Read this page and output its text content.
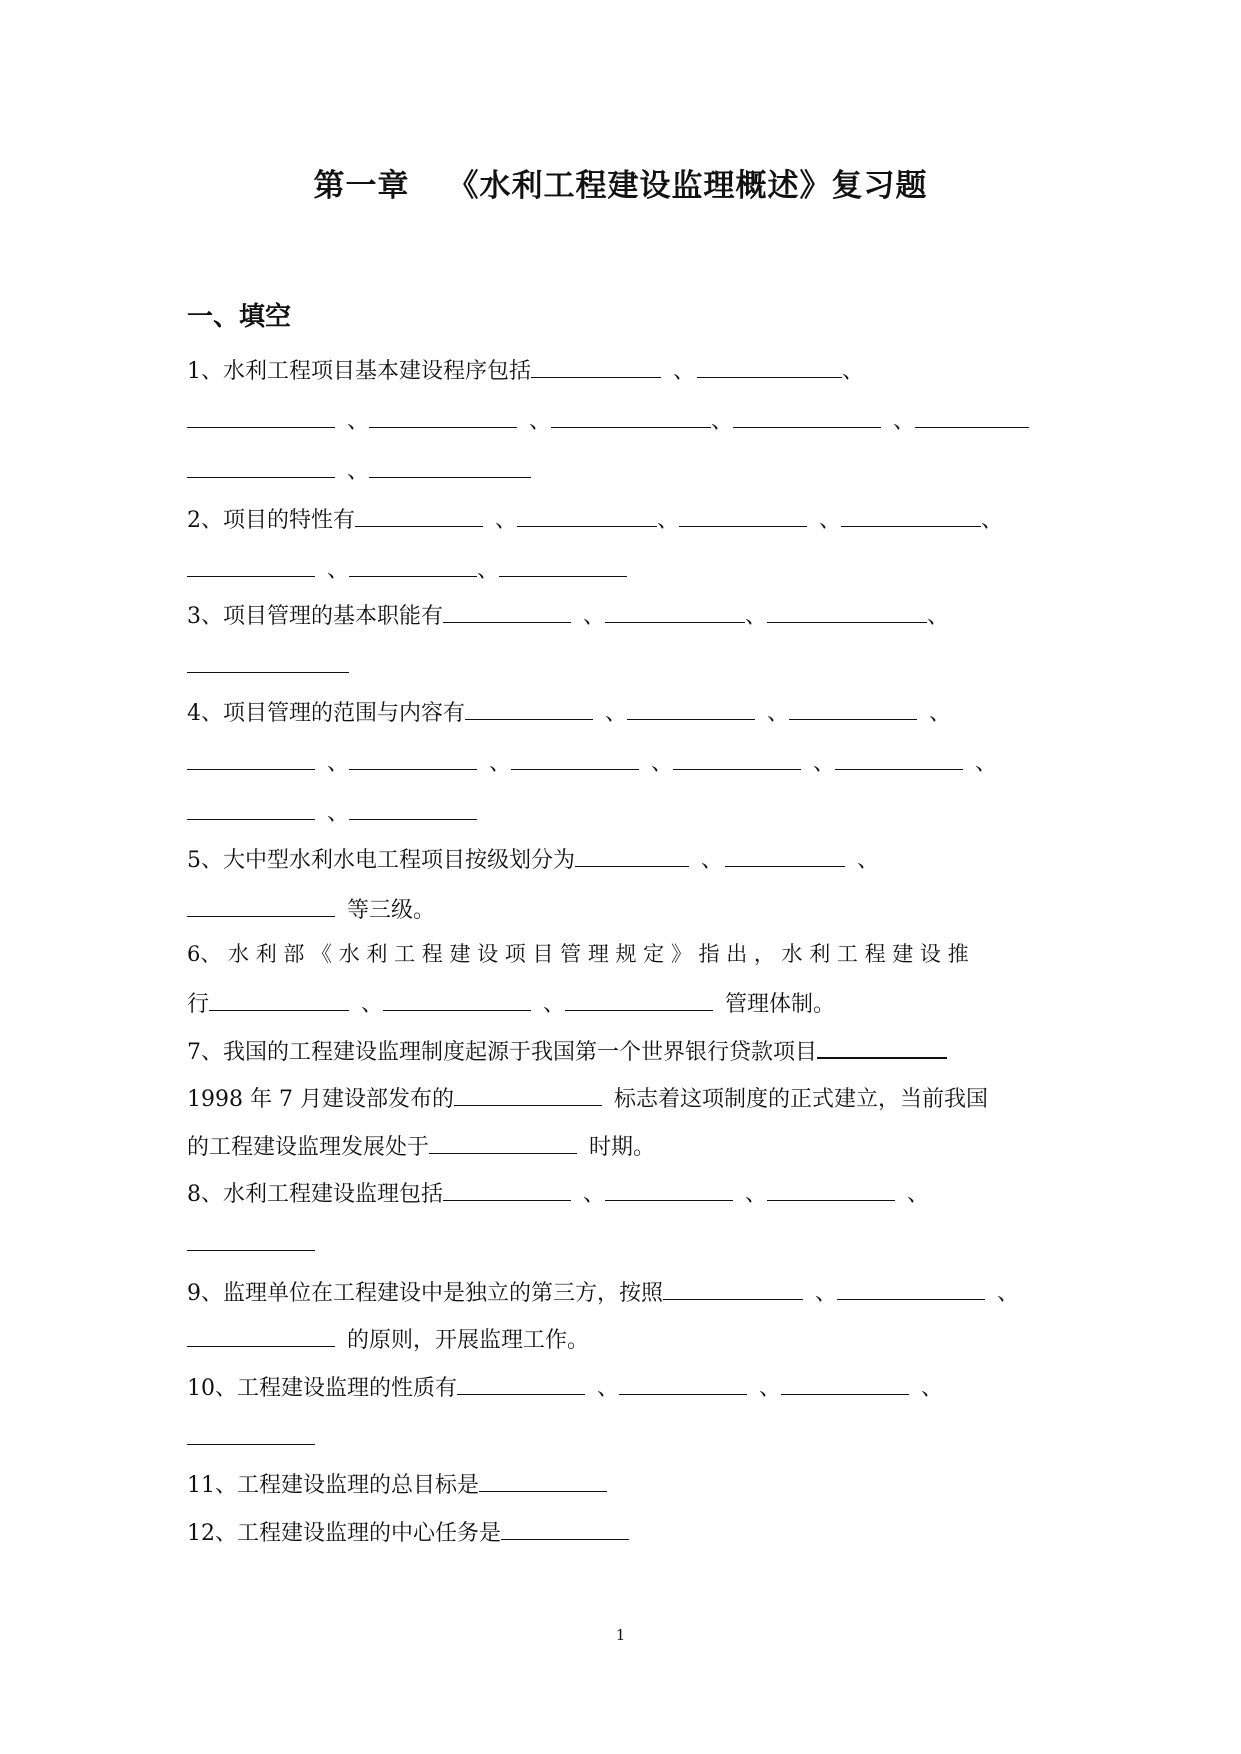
第一章 《水利工程建设监理概述》复习题
一、填空
1、水利工程项目基本建设程序包括	、	、
、	、	、	、
、
2、项目的特性有	、	、	、	、
、	、
3、项目管理的基本职能有	、	、	、
4、项目管理的范围与内容有	、	、	、
、	、	、	、	、
、
5、大中型水利水电工程项目按级划分为	、	、
等三级。
6、 水 利 部 《 水 利 工 程 建 设 项 目 管 理 规 定 》 指 出 ， 水 利 工 程 建 设 推
行	、	、	管理体制。
7、我国的工程建设监理制度起源于我国第一个世界银行贷款项目
1998 年 7 月建设部发布的	标志着这项制度的正式建立，当前我国
的工程建设监理发展处于	时期。
8、水利工程建设监理包括	、	、	、
9、监理单位在工程建设中是独立的第三方，按照	、	、
的原则，开展监理工作。
10、工程建设监理的性质有	、	、	、
11、工程建设监理的总目标是
12、工程建设监理的中心任务是
1
